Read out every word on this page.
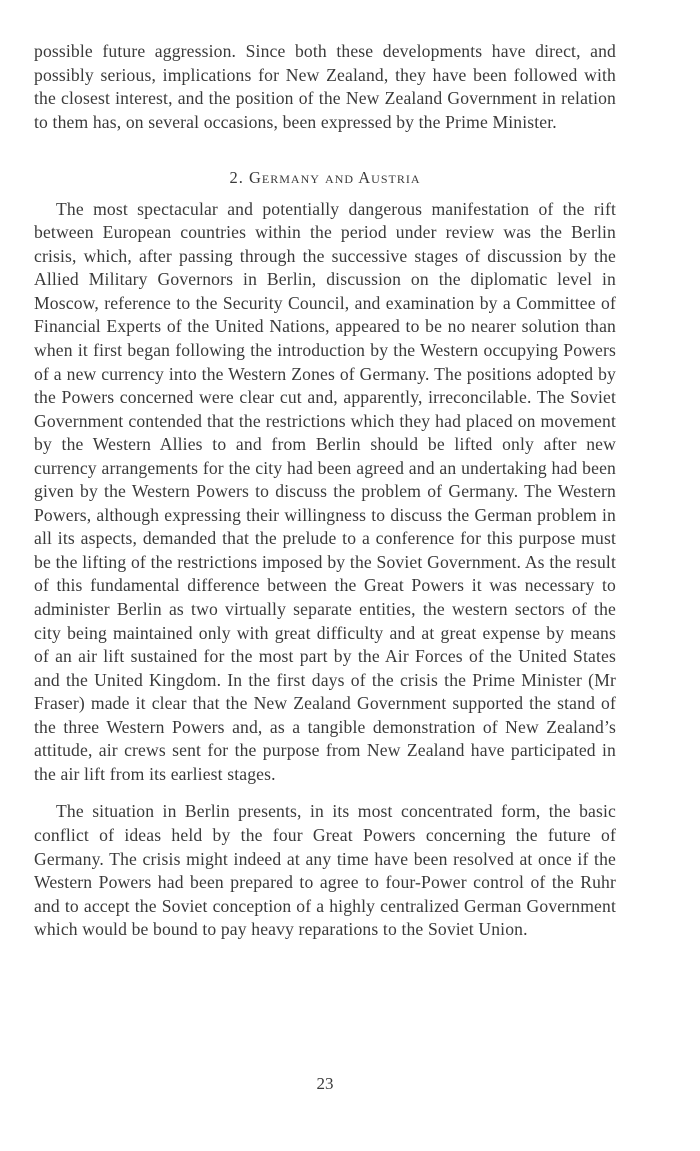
possible future aggression. Since both these developments have direct, and possibly serious, implications for New Zealand, they have been followed with the closest interest, and the position of the New Zealand Government in relation to them has, on several occasions, been expressed by the Prime Minister.

2. Germany and Austria

The most spectacular and potentially dangerous manifestation of the rift between European countries within the period under review was the Berlin crisis, which, after passing through the successive stages of discussion by the Allied Military Governors in Berlin, discussion on the diplomatic level in Moscow, reference to the Security Council, and examination by a Committee of Financial Experts of the United Nations, appeared to be no nearer solution than when it first began following the introduction by the Western occupying Powers of a new currency into the Western Zones of Germany. The positions adopted by the Powers concerned were clear cut and, apparently, irreconcilable. The Soviet Government contended that the restrictions which they had placed on movement by the Western Allies to and from Berlin should be lifted only after new currency arrangements for the city had been agreed and an undertaking had been given by the Western Powers to discuss the problem of Germany. The Western Powers, although expressing their willingness to discuss the German problem in all its aspects, demanded that the prelude to a conference for this purpose must be the lifting of the restrictions imposed by the Soviet Government. As the result of this fundamental difference between the Great Powers it was necessary to administer Berlin as two virtually separate entities, the western sectors of the city being maintained only with great difficulty and at great expense by means of an air lift sustained for the most part by the Air Forces of the United States and the United Kingdom. In the first days of the crisis the Prime Minister (Mr Fraser) made it clear that the New Zealand Government supported the stand of the three Western Powers and, as a tangible demonstration of New Zealand’s attitude, air crews sent for the purpose from New Zealand have participated in the air lift from its earliest stages.

The situation in Berlin presents, in its most concentrated form, the basic conflict of ideas held by the four Great Powers concerning the future of Germany. The crisis might indeed at any time have been resolved at once if the Western Powers had been prepared to agree to four-Power control of the Ruhr and to accept the Soviet conception of a highly centralized German Government which would be bound to pay heavy reparations to the Soviet Union.

23
